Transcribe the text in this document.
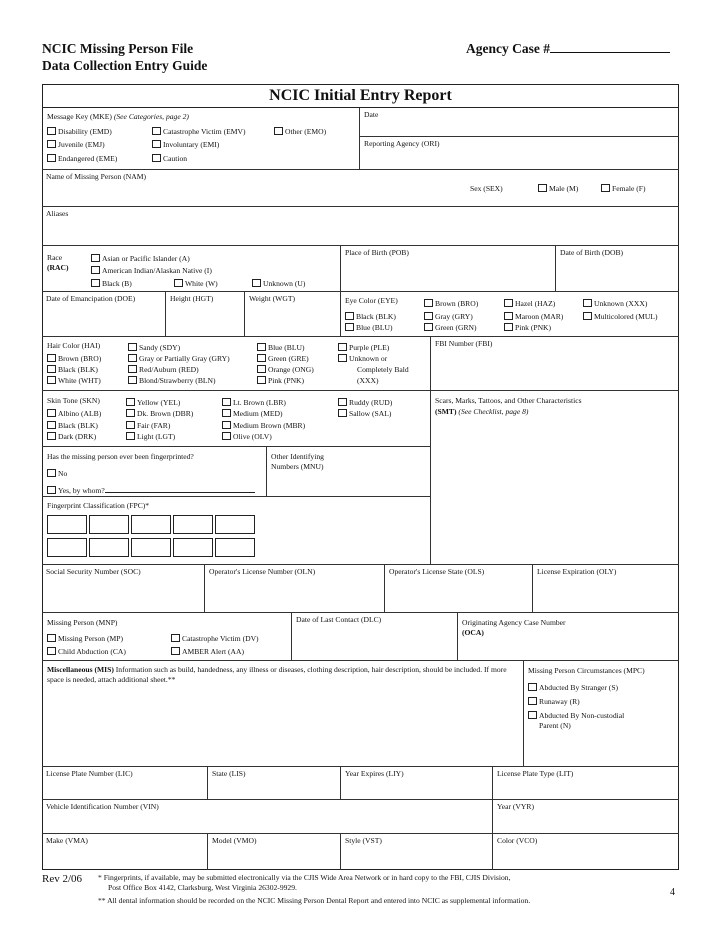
NCIC Missing Person File
Data Collection Entry Guide
Agency Case #
NCIC Initial Entry Report
Message Key (MKE) (See Categories, page 2)
Disability (EMD)	Catastrophe Victim (EMV)	Other (EMO)
Juvenile (EMJ)	Involuntary (EMI)
Endangered (EME)	Caution
Date
Reporting Agency (ORI)
Name of Missing Person (NAM)
Sex (SEX)	Male (M)	Female (F)
Aliases
Race
(RAC)
Asian or Pacific Islander (A)
American Indian/Alaskan Native (I)
Black (B)	White (W)	Unknown (U)
Place of Birth (POB)	Date of Birth (DOB)
Date of Emancipation (DOE)	Height (HGT)	Weight (WGT)	Eye Color (EYE)	Brown (BRO)	Hazel (HAZ)	Unknown (XXX)
Black (BLK)	Gray (GRY)	Maroon (MAR)	Multicolored (MUL)
Blue (BLU)	Green (GRN)	Pink (PNK)
Hair Color (HAI)	Sandy (SDY)	Blue (BLU)	Purple (PLE)
Brown (BRO)	Gray or Partially Gray (GRY)	Green (GRE)	Unknown or
Black (BLK)	Red/Auburn (RED)	Orange (ONG)	Completely Bald
White (WHT)	Blond/Strawberry (BLN)	Pink (PNK)	(XXX)
FBI Number (FBI)
Skin Tone (SKN)	Yellow (YEL)	Lt. Brown (LBR)	Ruddy (RUD)
Albino (ALB)	Dk. Brown (DBR)	Medium (MED)	Sallow (SAL)
Black (BLK)	Fair (FAR)	Medium Brown (MBR)
Dark (DRK)	Light (LGT)	Olive (OLV)
Scars, Marks, Tattoos, and Other Characteristics
(SMT) (See Checklist, page 8)
Has the missing person ever been fingerprinted?
No
Yes, by whom?
Other Identifying
Numbers (MNU)
Fingerprint Classification (FPC)*
Social Security Number (SOC)	Operator's License Number (OLN)	Operator's License State (OLS)	License Expiration (OLY)
Missing Person (MNP)
Missing Person (MP)	Catastrophe Victim (DV)
Child Abduction (CA)	AMBER Alert (AA)
Date of Last Contact (DLC)	Originating Agency Case Number
(OCA)
Miscellaneous (MIS) Information such as build, handedness, any illness or diseases, clothing description, hair description, should be included. If more space is needed, attach additional sheet.**
Missing Person Circumstances (MPC)
Abducted By Stranger (S)
Runaway (R)
Abducted By Non-custodial
Parent (N)
License Plate Number (LIC)	State (LIS)	Year Expires (LIY)	License Plate Type (LIT)
Vehicle Identification Number (VIN)	Year (VYR)
Make (VMA)	Model (VMO)	Style (VST)	Color (VCO)
Rev 2/06 * Fingerprints, if available, may be submitted electronically via the CJIS Wide Area Network or in hard copy to the FBI, CJIS Division,
Post Office Box 4142, Clarksburg, West Virginia 26302-9929.
** All dental information should be recorded on the NCIC Missing Person Dental Report and entered into NCIC as supplemental information.
4
